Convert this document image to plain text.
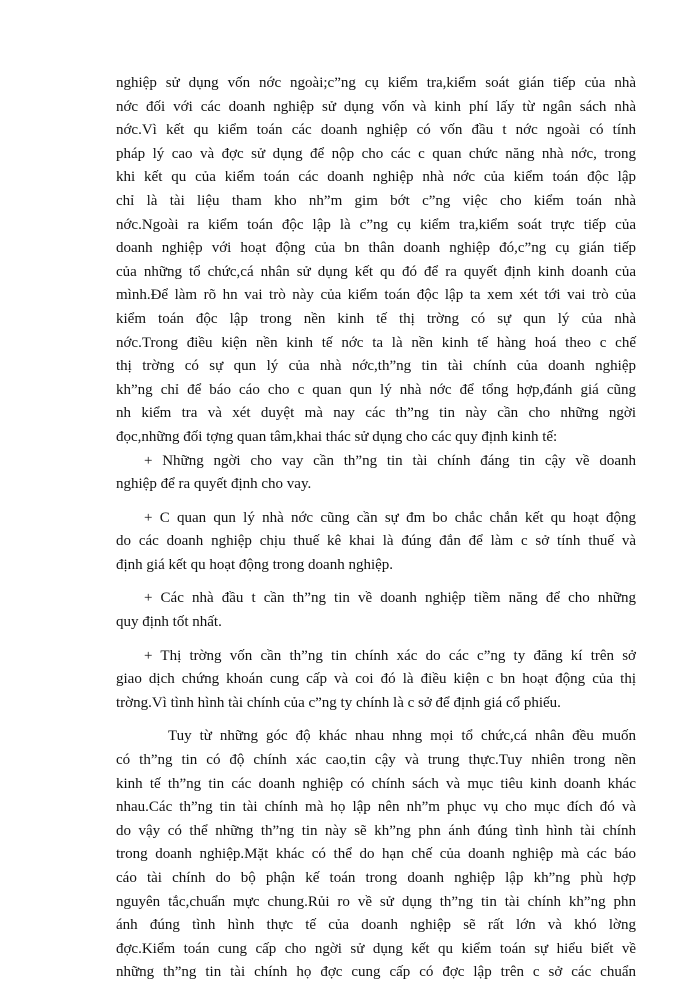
nghiệp sử dụng vốn nớc ngoài;c”ng cụ kiểm tra,kiểm soát gián tiếp của nhà
nớc đối với các doanh nghiệp sử dụng vốn và kinh phí lấy từ ngân sách nhà
nớc.Vì kết qu kiểm toán các doanh nghiệp có vốn đầu t nớc ngoài có tính
pháp lý cao và đợc sử dụng để nộp cho các c quan chức năng nhà nớc, trong
khi kết qu của kiểm toán các doanh nghiệp nhà nớc của kiểm toán độc lập
chỉ là tài liệu tham kho nh”m gim bớt c”ng việc cho kiểm toán nhà
nớc.Ngoài ra kiểm toán độc lập là c”ng cụ kiểm tra,kiểm soát trực tiếp của
doanh nghiệp với hoạt động của bn thân doanh nghiệp đó,c”ng cụ gián tiếp
của những tổ chức,cá nhân sử dụng kết qu đó để ra quyết định kinh doanh của
mình.Để làm rõ hn vai trò này của kiểm toán độc lập ta xem xét tới vai trò của
kiểm toán độc lập trong nền kinh tế thị trờng có sự qun lý của nhà
nớc.Trong điều kiện nền kinh tế nớc ta là nền kinh tế hàng hoá theo c chế
thị trờng có sự qun lý của nhà nớc,th”ng tin tài chính của doanh nghiệp
kh”ng chỉ để báo cáo cho c quan qun lý nhà nớc để tổng hợp,đánh giá cũng
nh kiểm tra và xét duyệt mà nay các th”ng tin này cần cho những ngời
đọc,những đối tợng quan tâm,khai thác sử dụng cho các quy định kinh tế:
+ Những ngời cho vay cần th”ng tin tài chính đáng tin cậy về doanh
nghiệp để ra quyết định cho vay.
+ C quan qun lý nhà nớc cũng cần sự đm bo chắc chắn kết qu hoạt động
do các doanh nghiệp chịu thuế kê khai là đúng đắn để làm c sở tính thuế và
định giá kết qu hoạt động trong doanh nghiệp.
+ Các nhà đầu t cần th”ng tin về doanh nghiệp tiềm năng để cho những
quy định tốt nhất.
+ Thị trờng vốn cần th”ng tin chính xác do các c”ng ty đăng kí trên sở
giao dịch chứng khoán cung cấp và coi đó là điều kiện c bn hoạt động của thị
trờng.Vì tình hình tài chính của c”ng ty chính là c sở để định giá cổ phiếu.
Tuy từ những góc độ khác nhau nhng mọi tổ chức,cá nhân đều muốn
có th”ng tin có độ chính xác cao,tin cậy và trung thực.Tuy nhiên trong nền
kinh tế th”ng tin các doanh nghiệp có chính sách và mục tiêu kinh doanh khác
nhau.Các th”ng tin tài chính mà họ lập nên nh”m phục vụ cho mục đích đó và
do vậy có thể những th”ng tin này sẽ kh”ng phn ánh đúng tình hình tài chính
trong doanh nghiệp.Mặt khác có thể do hạn chế của doanh nghiệp mà các báo
cáo tài chính do bộ phận kế toán trong doanh nghiệp lập kh”ng phù hợp
nguyên tắc,chuẩn mực chung.Rủi ro về sử dụng th”ng tin tài chính kh”ng phn
ánh đúng tình hình thực tế của doanh nghiệp sẽ rất lớn và khó lờng
đợc.Kiểm toán cung cấp cho ngời sử dụng kết qu kiểm toán sự hiểu biết về
những th”ng tin tài chính họ đợc cung cấp có đợc lập trên c sở các chuẩn
